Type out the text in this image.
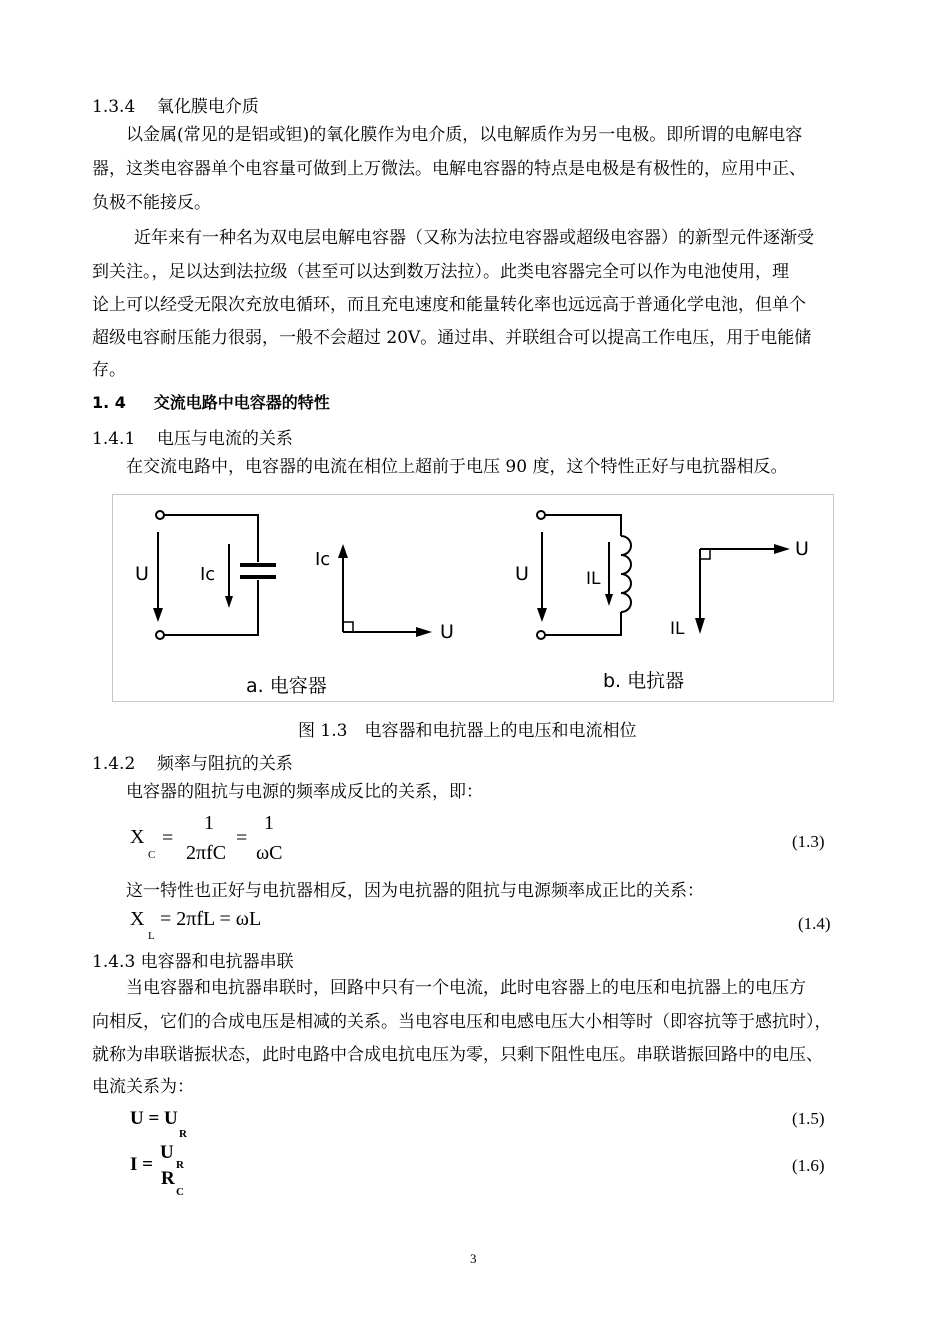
1.3.4 氧化膜电介质
以金属(常见的是铝或钽)的氧化膜作为电介质，以电解质作为另一电极。即所谓的电解电容
器，这类电容器单个电容量可做到上万微法。电解电容器的特点是电极是有极性的，应用中正、
负极不能接反。
近年来有一种名为双电层电解电容器（又称为法拉电容器或超级电容器）的新型元件逐渐受
到关注。，足以达到法拉级（甚至可以达到数万法拉）。此类电容器完全可以作为电池使用，理
论上可以经受无限次充放电循环，而且充电速度和能量转化率也远远高于普通化学电池，但单个
超级电容耐压能力很弱，一般不会超过 20V。通过串、并联组合可以提高工作电压，用于电能储
存。
1. 4 交流电路中电容器的特性
1.4.1 电压与电流的关系
在交流电路中，电容器的电流在相位上超前于电压 90 度，这个特性正好与电抗器相反。
U	Ic
Ic
U
a. 电容器
U	IL
U
IL
b. 电抗器
图 1.3　电容器和电抗器上的电压和电流相位
1.4.2 频率与阻抗的关系
电容器的阻抗与电源的频率成反比的关系，即：
X
C
=
1
2πfC
=
1
ωC
(1.3)
这一特性也正好与电抗器相反，因为电抗器的阻抗与电源频率成正比的关系：
X
L
= 2πfL = ωL	(1.4)
1.4.3 电容器和电抗器串联
当电容器和电抗器串联时，回路中只有一个电流，此时电容器上的电压和电抗器上的电压方
向相反，它们的合成电压是相减的关系。当电容电压和电感电压大小相等时（即容抗等于感抗时），
就称为串联谐振状态，此时电路中合成电抗电压为零，只剩下阻性电压。串联谐振回路中的电压、
电流关系为：
U = U
R
(1.5)
I =
U
R
R
C
(1.6)
3
